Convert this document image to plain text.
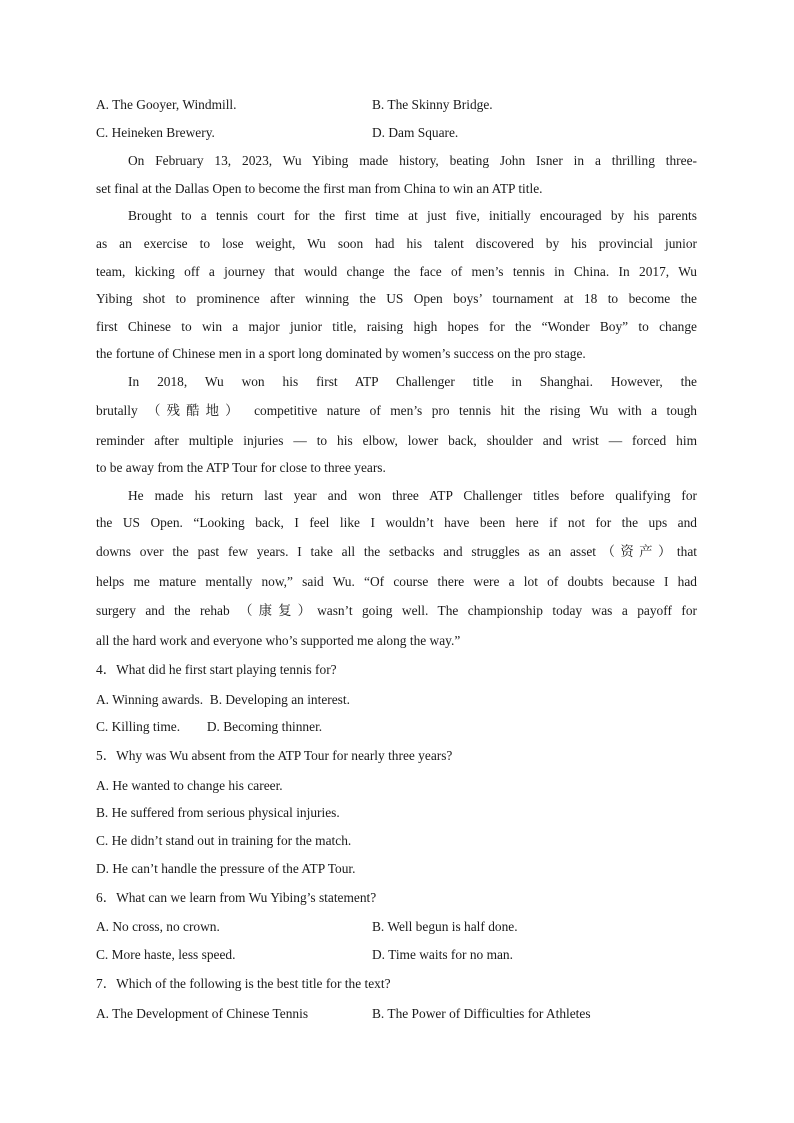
A. The Gooyer, Windmill.	B. The Skinny Bridge.
C. Heineken Brewery.	D. Dam Square.
On February 13, 2023, Wu Yibing made history, beating John Isner in a thrilling three-
set final at the Dallas Open to become the first man from China to win an ATP title.
Brought to a tennis court for the first time at just five, initially encouraged by his parents
as an exercise to lose weight, Wu soon had his talent discovered by his provincial junior
team, kicking off a journey that would change the face of men’s tennis in China. In 2017, Wu
Yibing shot to prominence after winning the US Open boys’ tournament at 18 to become the
first Chinese to win a major junior title, raising high hopes for the “Wonder Boy” to change
the fortune of Chinese men in a sport long dominated by women’s success on the pro stage.
In 2018, Wu won his first ATP Challenger title in Shanghai. However, the
brutally （残酷地） competitive nature of men’s pro tennis hit the rising Wu with a tough
reminder after multiple injuries — to his elbow, lower back, shoulder and wrist — forced him
to be away from the ATP Tour for close to three years.
He made his return last year and won three ATP Challenger titles before qualifying for
the US Open. “Looking back, I feel like I wouldn’t have been here if not for the ups and
downs over the past few years. I take all the setbacks and struggles as an asset（资产）that
helps me mature mentally now,” said Wu. “Of course there were a lot of doubts because I had
surgery and the rehab （康复）wasn’t going well. The championship today was a payoff for
all the hard work and everyone who’s supported me along the way.”
4．What did he first start playing tennis for?
A. Winning awards.  B. Developing an interest.
C. Killing time.        D. Becoming thinner.
5．Why was Wu absent from the ATP Tour for nearly three years?
A. He wanted to change his career.
B. He suffered from serious physical injuries.
C. He didn’t stand out in training for the match.
D. He can’t handle the pressure of the ATP Tour.
6．What can we learn from Wu Yibing’s statement?
A. No cross, no crown.	B. Well begun is half done.
C. More haste, less speed.	D. Time waits for no man.
7．Which of the following is the best title for the text?
A. The Development of Chinese Tennis	B. The Power of Difficulties for Athletes
